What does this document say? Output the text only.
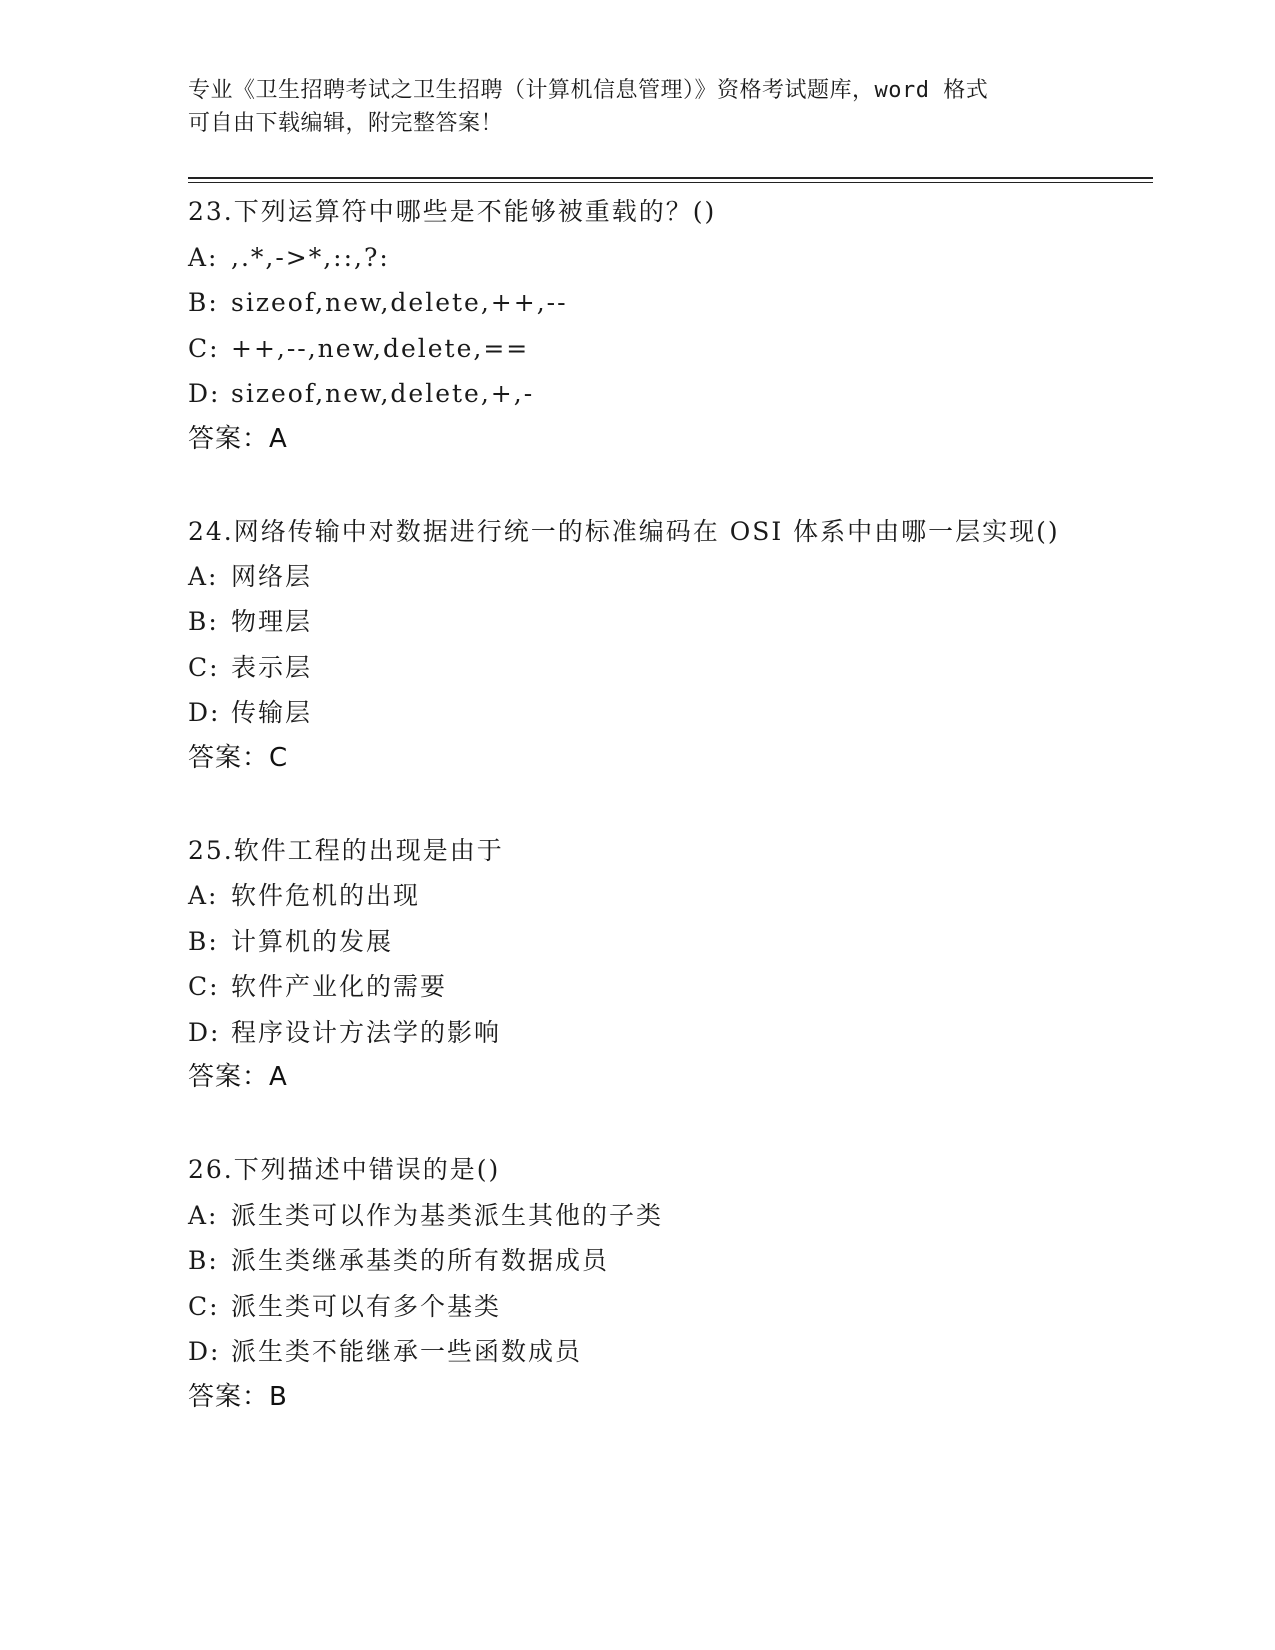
专业《卫生招聘考试之卫生招聘（计算机信息管理）》资格考试题库，word 格式
可自由下载编辑，附完整答案！
23.下列运算符中哪些是不能够被重载的？()
A: ,.*,->*,::,?:
B: sizeof,new,delete,++,--
C: ++,--,new,delete,==
D: sizeof,new,delete,+,-
答案：A
24.网络传输中对数据进行统一的标准编码在 OSI 体系中由哪一层实现()
A: 网络层
B: 物理层
C: 表示层
D: 传输层
答案：C
25.软件工程的出现是由于
A: 软件危机的出现
B: 计算机的发展
C: 软件产业化的需要
D: 程序设计方法学的影响
答案：A
26.下列描述中错误的是()
A: 派生类可以作为基类派生其他的子类
B: 派生类继承基类的所有数据成员
C: 派生类可以有多个基类
D: 派生类不能继承一些函数成员
答案：B
